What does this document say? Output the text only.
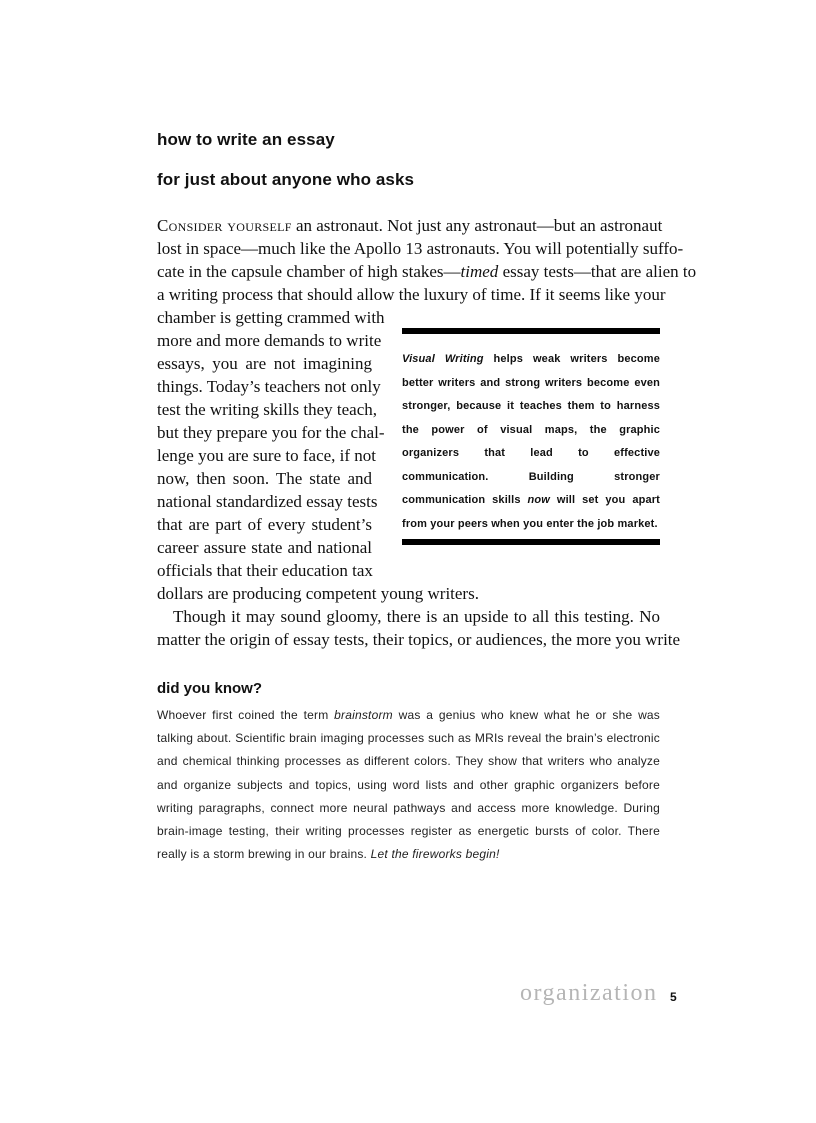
how to write an essay
for just about anyone who asks
Consider yourself an astronaut. Not just any astronaut—but an astronaut
lost in space—much like the Apollo 13 astronauts. You will potentially suffo-
cate in the capsule chamber of high stakes—timed essay tests—that are alien to
a writing process that should allow the luxury of time. If it seems like your
chamber is getting crammed with
more and more demands to write
essays, you are not imagining
things. Today’s teachers not only
test the writing skills they teach,
but they prepare you for the chal-
lenge you are sure to face, if not
now, then soon. The state and
national standardized essay tests
that are part of every student’s
career assure state and national
officials that their education tax
dollars are producing competent young writers.
Though it may sound gloomy, there is an upside to all this testing. No
matter the origin of essay tests, their topics, or audiences, the more you write

Visual Writing helps weak writers become better writers and strong writers become even stronger, because it teaches them to harness the power of visual maps, the graphic organizers that lead to effective communication. Building stronger communication skills now will set you apart from your peers when you enter the job market.

did you know?

Whoever first coined the term brainstorm was a genius who knew what he or she was talking about. Scientific brain imaging processes such as MRIs reveal the brain’s electronic and chemical thinking processes as different colors. They show that writers who analyze and organize subjects and topics, using word lists and other graphic organizers before writing paragraphs, connect more neural pathways and access more knowledge. During brain-image testing, their writing processes register as energetic bursts of color. There really is a storm brewing in our brains. Let the fireworks begin!

organization 5
